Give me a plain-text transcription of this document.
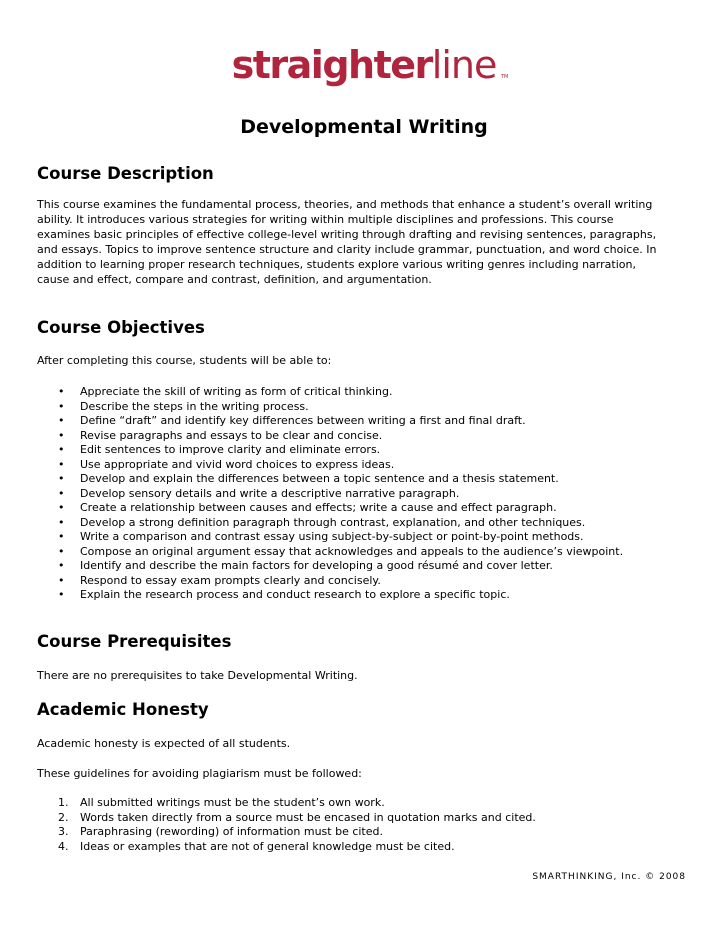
straighterline TM
Developmental Writing
Course Description

This course examines the fundamental process, theories, and methods that enhance a student’s overall writing ability. It introduces various strategies for writing within multiple disciplines and professions. This course examines basic principles of effective college-level writing through drafting and revising sentences, paragraphs, and essays. Topics to improve sentence structure and clarity include grammar, punctuation, and word choice. In addition to learning proper research techniques, students explore various writing genres including narration, cause and effect, compare and contrast, definition, and argumentation.

Course Objectives

After completing this course, students will be able to:

• Appreciate the skill of writing as form of critical thinking.
• Describe the steps in the writing process.
• Define “draft” and identify key differences between writing a first and final draft.
• Revise paragraphs and essays to be clear and concise.
• Edit sentences to improve clarity and eliminate errors.
• Use appropriate and vivid word choices to express ideas.
• Develop and explain the differences between a topic sentence and a thesis statement.
• Develop sensory details and write a descriptive narrative paragraph.
• Create a relationship between causes and effects; write a cause and effect paragraph.
• Develop a strong definition paragraph through contrast, explanation, and other techniques.
• Write a comparison and contrast essay using subject-by-subject or point-by-point methods.
• Compose an original argument essay that acknowledges and appeals to the audience’s viewpoint.
• Identify and describe the main factors for developing a good résumé and cover letter.
• Respond to essay exam prompts clearly and concisely.
• Explain the research process and conduct research to explore a specific topic.
Course Prerequisites

There are no prerequisites to take Developmental Writing.

Academic Honesty

Academic honesty is expected of all students.

These guidelines for avoiding plagiarism must be followed:

1. All submitted writings must be the student’s own work.
2. Words taken directly from a source must be encased in quotation marks and cited.
3. Paraphrasing (rewording) of information must be cited.
4. Ideas or examples that are not of general knowledge must be cited.
SMARTHINKING, Inc. © 2008
